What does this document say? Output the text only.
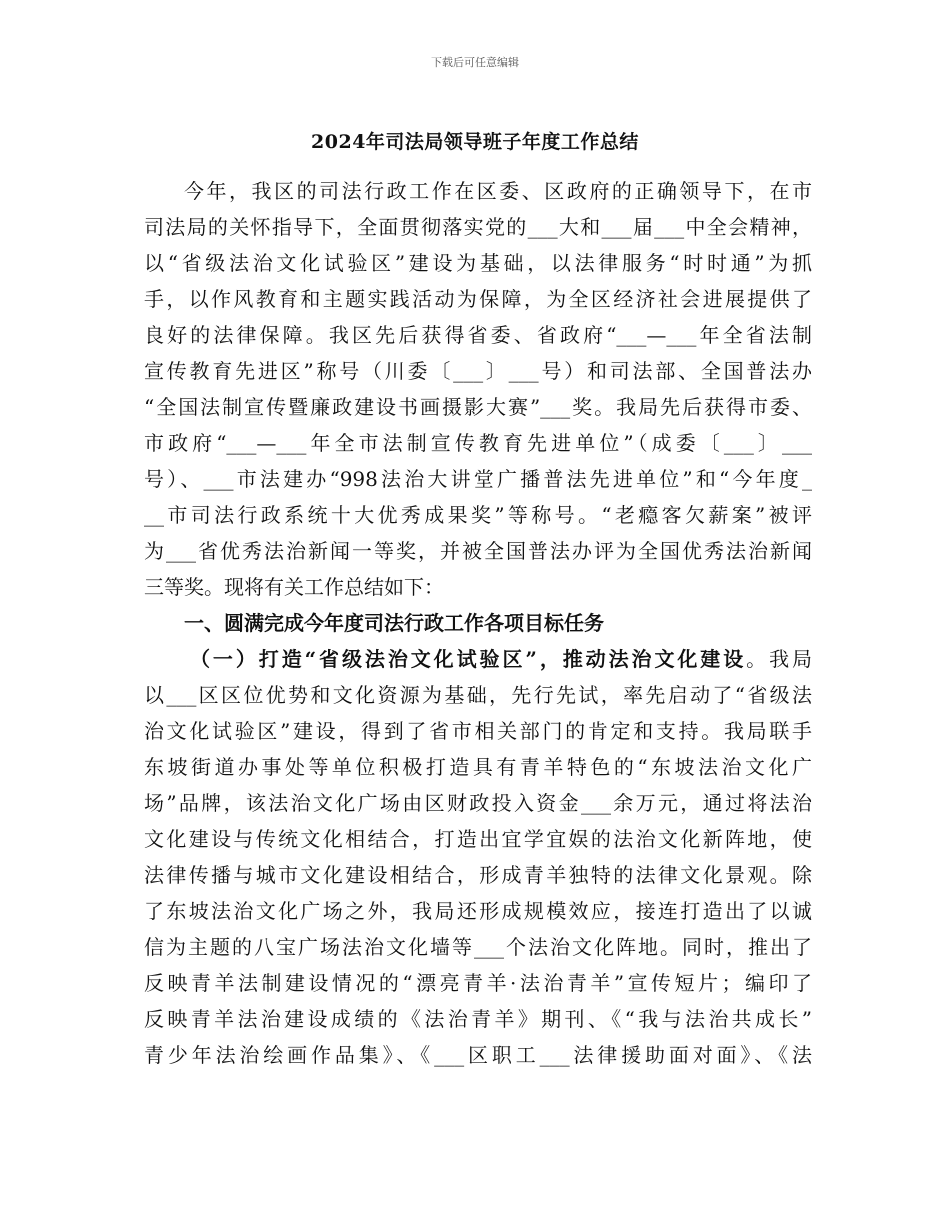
下载后可任意编辑
2024年司法局领导班子年度工作总结
今年，我区的司法行政工作在区委、区政府的正确领导下，在市
司法局的关怀指导下，全面贯彻落实党的___大和___届___中全会精神，
以“省级法治文化试验区”建设为基础，以法律服务“时时通”为抓
手，以作风教育和主题实践活动为保障，为全区经济社会进展提供了
良好的法律保障。我区先后获得省委、省政府“___—___年全省法制
宣传教育先进区”称号（川委〔___〕___号）和司法部、全国普法办
“全国法制宣传暨廉政建设书画摄影大赛”___奖。我局先后获得市委、
市政府“___—___年全市法制宣传教育先进单位”（成委〔___〕___
号）、___市法建办“998法治大讲堂广播普法先进单位”和“今年度_
__市司法行政系统十大优秀成果奖”等称号。“老瘾客欠薪案”被评
为___省优秀法治新闻一等奖，并被全国普法办评为全国优秀法治新闻
三等奖。现将有关工作总结如下：
一、圆满完成今年度司法行政工作各项目标任务
（一）打造“省级法治文化试验区”，推动法治文化建设。我局
以___区区位优势和文化资源为基础，先行先试，率先启动了“省级法
治文化试验区”建设，得到了省市相关部门的肯定和支持。我局联手
东坡街道办事处等单位积极打造具有青羊特色的“东坡法治文化广
场”品牌，该法治文化广场由区财政投入资金___余万元，通过将法治
文化建设与传统文化相结合，打造出宜学宜娱的法治文化新阵地，使
法律传播与城市文化建设相结合，形成青羊独特的法律文化景观。除
了东坡法治文化广场之外，我局还形成规模效应，接连打造出了以诚
信为主题的八宝广场法治文化墙等___个法治文化阵地。同时，推出了
反映青羊法制建设情况的“漂亮青羊·法治青羊”宣传短片；编印了
反映青羊法治建设成绩的《法治青羊》期刊、《“我与法治共成长”
青少年法治绘画作品集》、《___区职工___法律援助面对面》、《法
